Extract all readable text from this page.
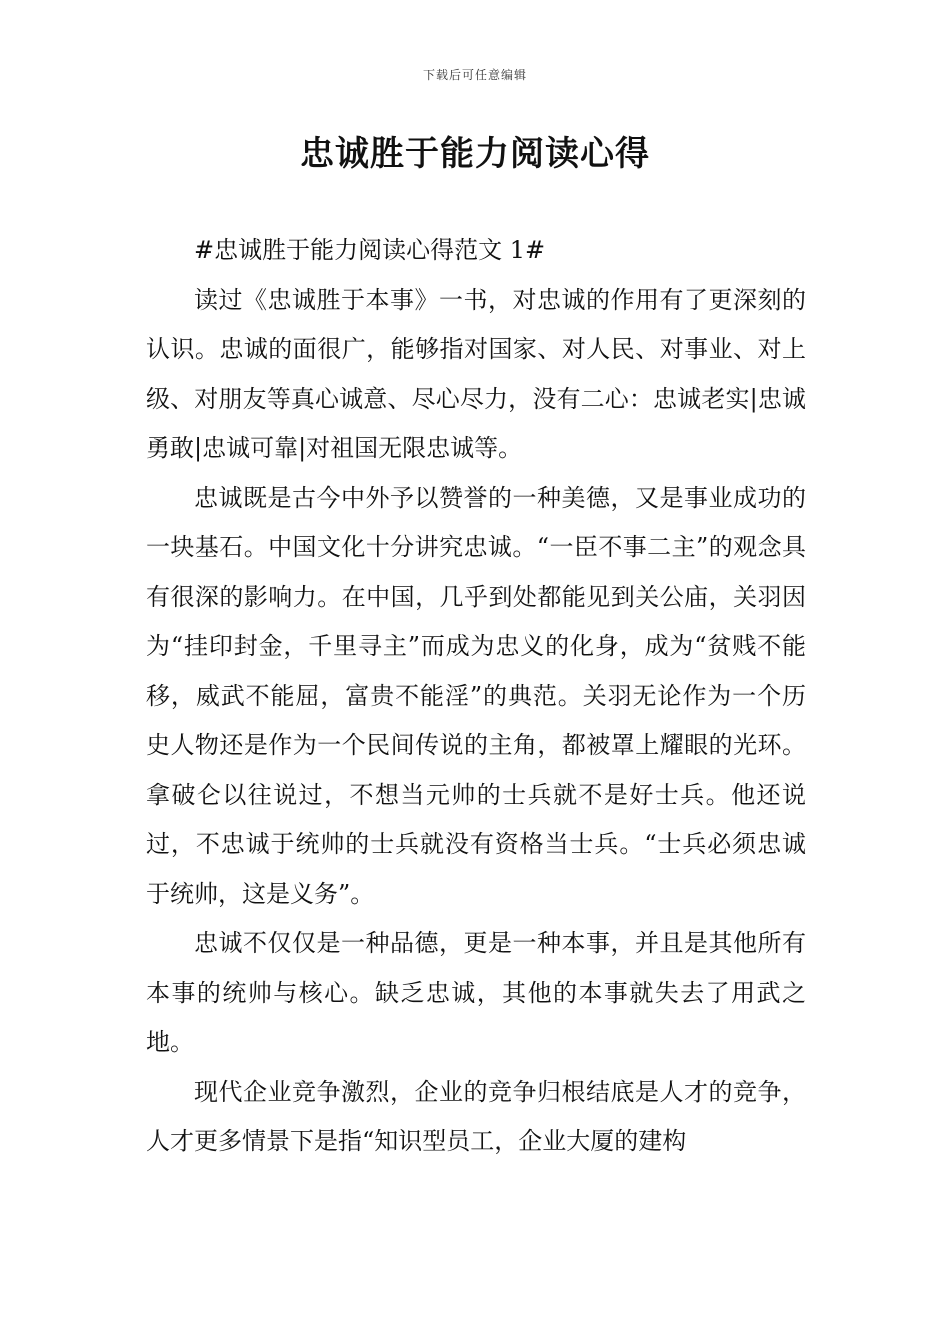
下载后可任意编辑
忠诚胜于能力阅读心得

#忠诚胜于能力阅读心得范文 1#

读过《忠诚胜于本事》一书，对忠诚的作用有了更深刻的认识。忠诚的面很广，能够指对国家、对人民、对事业、对上级、对朋友等真心诚意、尽心尽力，没有二心：忠诚老实|忠诚勇敢|忠诚可靠|对祖国无限忠诚等。

忠诚既是古今中外予以赞誉的一种美德，又是事业成功的一块基石。中国文化十分讲究忠诚。“一臣不事二主”的观念具有很深的影响力。在中国，几乎到处都能见到关公庙，关羽因为“挂印封金，千里寻主”而成为忠义的化身，成为“贫贱不能移，威武不能屈，富贵不能淫”的典范。关羽无论作为一个历史人物还是作为一个民间传说的主角，都被罩上耀眼的光环。拿破仑以往说过，不想当元帅的士兵就不是好士兵。他还说过，不忠诚于统帅的士兵就没有资格当士兵。“士兵必须忠诚于统帅，这是义务”。

忠诚不仅仅是一种品德，更是一种本事，并且是其他所有本事的统帅与核心。缺乏忠诚，其他的本事就失去了用武之地。

现代企业竞争激烈，企业的竞争归根结底是人才的竞争，人才更多情景下是指“知识型员工，企业大厦的建构
